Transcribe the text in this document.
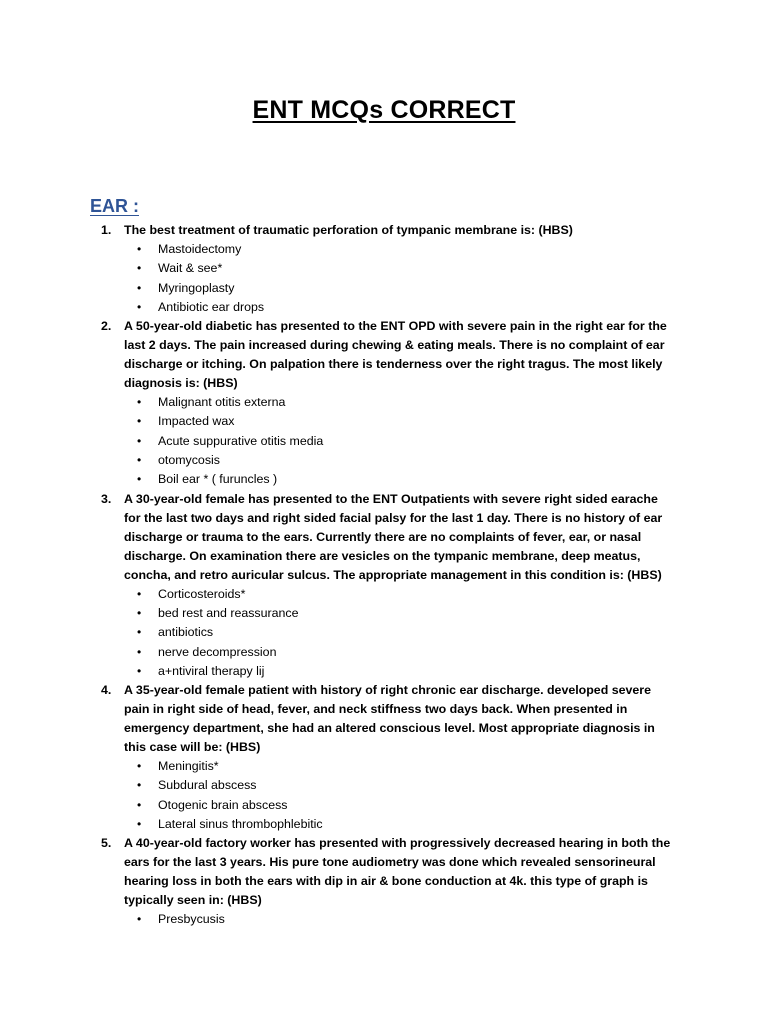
ENT MCQs CORRECT
EAR :
1. The best treatment of traumatic perforation of tympanic membrane is: (HBS)
• Mastoidectomy
• Wait & see*
• Myringoplasty
• Antibiotic ear drops
2. A 50-year-old diabetic has presented to the ENT OPD with severe pain in the right ear for the last 2 days. The pain increased during chewing & eating meals. There is no complaint of ear discharge or itching. On palpation there is tenderness over the right tragus. The most likely diagnosis is: (HBS)
• Malignant otitis externa
• Impacted wax
• Acute suppurative otitis media
• otomycosis
• Boil ear * ( furuncles )
3. A 30-year-old female has presented to the ENT Outpatients with severe right sided earache for the last two days and right sided facial palsy for the last 1 day. There is no history of ear discharge or trauma to the ears. Currently there are no complaints of fever, ear, or nasal discharge. On examination there are vesicles on the tympanic membrane, deep meatus, concha, and retro auricular sulcus. The appropriate management in this condition is: (HBS)
• Corticosteroids*
• bed rest and reassurance
• antibiotics
• nerve decompression
• a+ntiviral therapy lij
4. A 35-year-old female patient with history of right chronic ear discharge. developed severe pain in right side of head, fever, and neck stiffness two days back. When presented in emergency department, she had an altered conscious level. Most appropriate diagnosis in this case will be: (HBS)
• Meningitis*
• Subdural abscess
• Otogenic brain abscess
• Lateral sinus thrombophlebitic
5. A 40-year-old factory worker has presented with progressively decreased hearing in both the ears for the last 3 years. His pure tone audiometry was done which revealed sensorineural hearing loss in both the ears with dip in air & bone conduction at 4k. this type of graph is typically seen in: (HBS)
• Presbycusis
